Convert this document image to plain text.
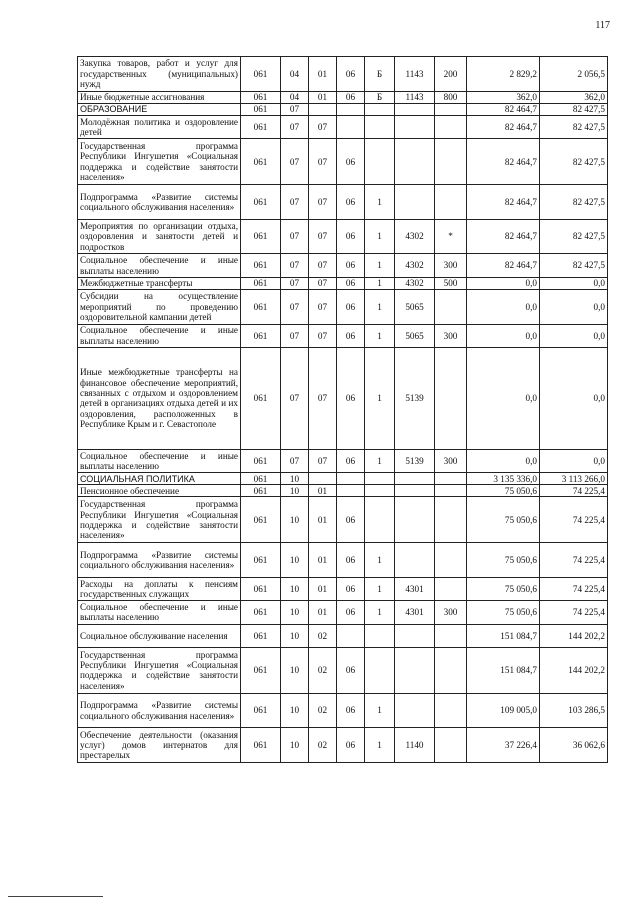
117
Закупка товаров, работ и услуг для государственных (муниципальных) нужд	061	04	01	06	Б	1143	200	2 829,2	2 056,5
Иные бюджетные ассигнования	061	04	01	06	Б	1143	800	362,0	362,0
ОБРАЗОВАНИЕ	061	07						82 464,7	82 427,5
Молодёжная политика и оздоровление детей	061	07	07					82 464,7	82 427,5
Государственная программа Республики Ингушетия «Социальная поддержка и содействие занятости населения»	061	07	07	06				82 464,7	82 427,5
Подпрограмма «Развитие системы социального обслуживания населения»	061	07	07	06	1			82 464,7	82 427,5
Мероприятия по организации отдыха, оздоровления и занятости детей и подростков	061	07	07	06	1	4302	*	82 464,7	82 427,5
Социальное обеспечение и иные выплаты населению	061	07	07	06	1	4302	300	82 464,7	82 427,5
Межбюджетные трансферты	061	07	07	06	1	4302	500	0,0	0,0
Субсидии на осуществление мероприятий по проведению оздоровительной кампании детей	061	07	07	06	1	5065		0,0	0,0
Социальное обеспечение и иные выплаты населению	061	07	07	06	1	5065	300	0,0	0,0
Иные межбюджетные трансферты на финансовое обеспечение мероприятий, связанных с отдыхом и оздоровлением детей в организациях отдыха детей и их оздоровления, расположенных в Республике Крым и г. Севастополе	061	07	07	06	1	5139		0,0	0,0
Социальное обеспечение и иные выплаты населению	061	07	07	06	1	5139	300	0,0	0,0
СОЦИАЛЬНАЯ ПОЛИТИКА	061	10						3 135 336,0	3 113 266,0
Пенсионное обеспечение	061	10	01					75 050,6	74 225,4
Государственная программа Республики Ингушетия «Социальная поддержка и содействие занятости населения»	061	10	01	06				75 050,6	74 225,4
Подпрограмма «Развитие системы социального обслуживания населения»	061	10	01	06	1			75 050,6	74 225,4
Расходы на доплаты к пенсиям государственных служащих	061	10	01	06	1	4301		75 050,6	74 225,4
Социальное обеспечение и иные выплаты населению	061	10	01	06	1	4301	300	75 050,6	74 225,4
Социальное обслуживание населения	061	10	02					151 084,7	144 202,2
Государственная программа Республики Ингушетия «Социальная поддержка и содействие занятости населения»	061	10	02	06				151 084,7	144 202,2
Подпрограмма «Развитие системы социального обслуживания населения»	061	10	02	06	1			109 005,0	103 286,5
Обеспечение деятельности (оказания услуг) домов интернатов для престарелых	061	10	02	06	1	1140		37 226,4	36 062,6
